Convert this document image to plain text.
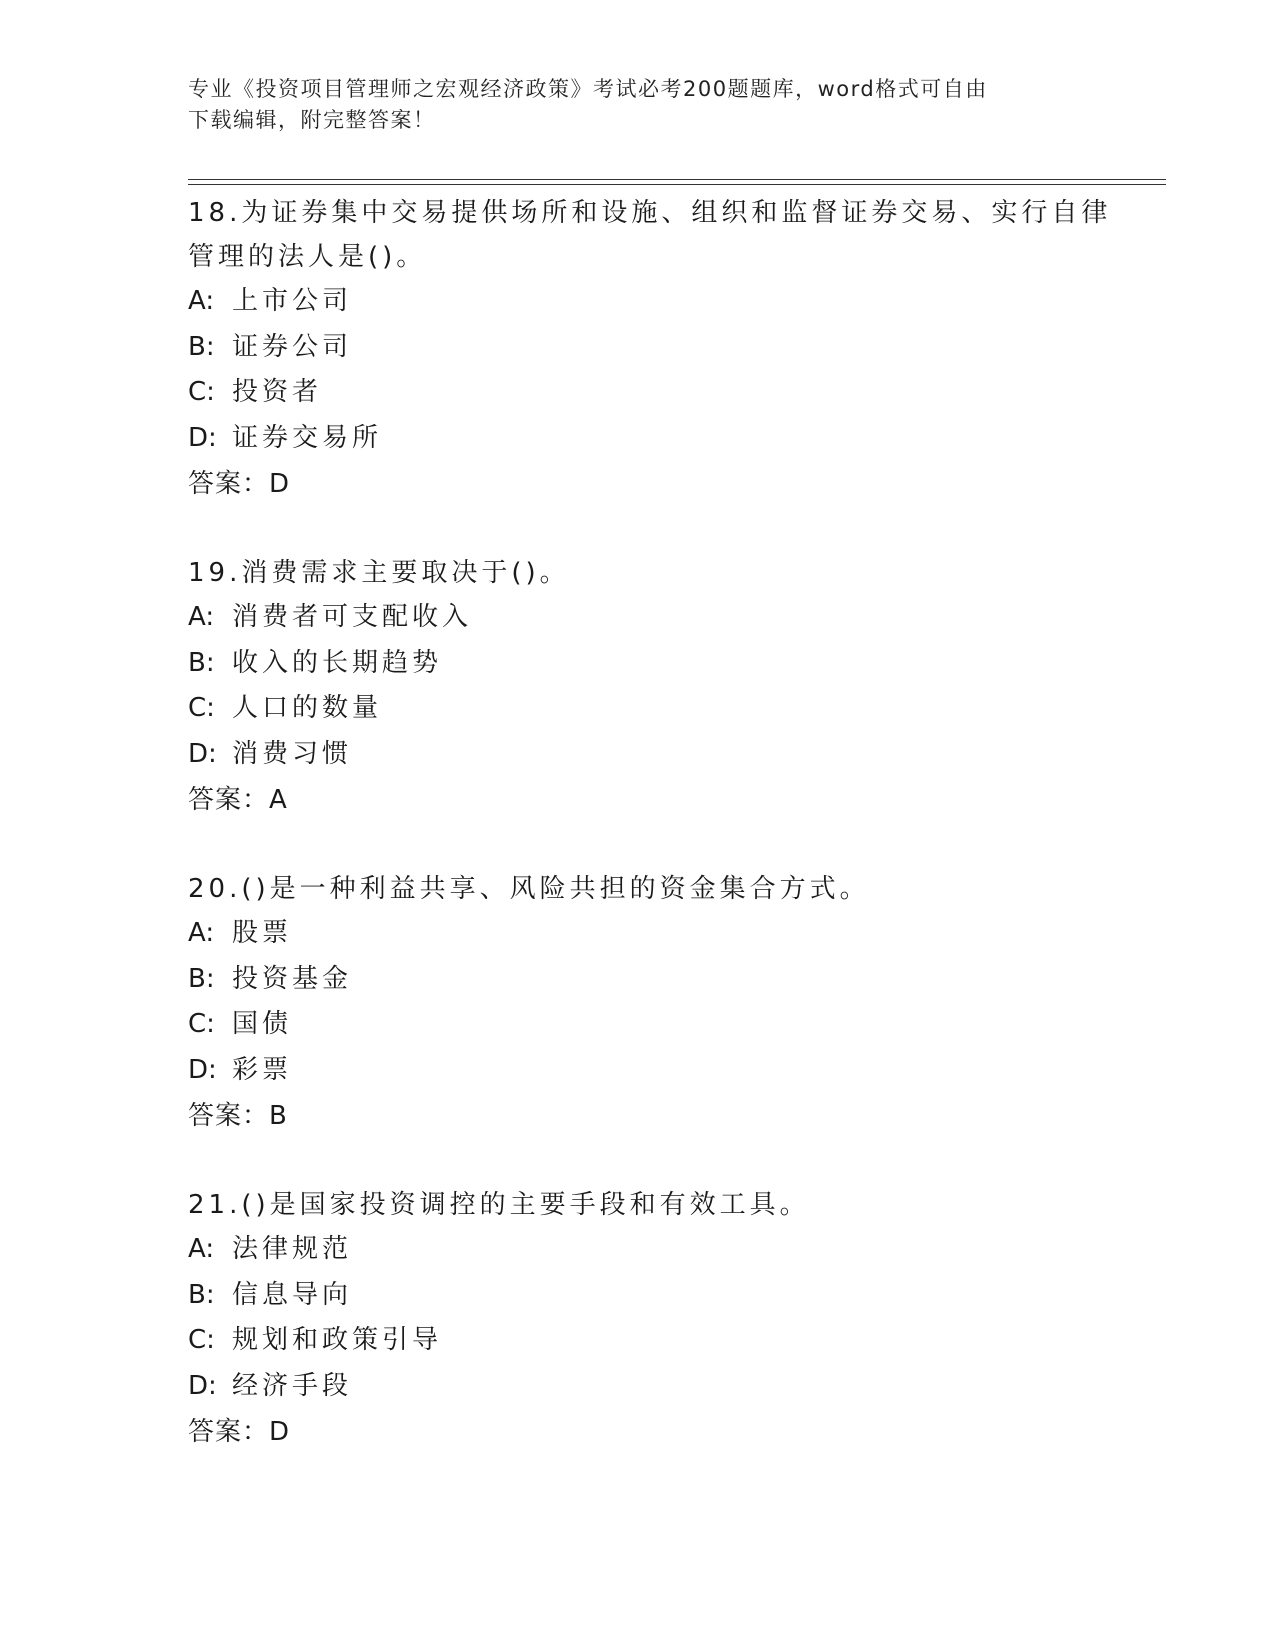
专业《投资项目管理师之宏观经济政策》考试必考200题题库，word格式可自由
下载编辑，附完整答案！

18.为证券集中交易提供场所和设施、组织和监督证券交易、实行自律

管理的法人是()。

A: 上市公司

B: 证券公司

C: 投资者

D: 证券交易所

答案：D

19.消费需求主要取决于()。

A: 消费者可支配收入

B: 收入的长期趋势

C: 人口的数量

D: 消费习惯

答案：A

20.()是一种利益共享、风险共担的资金集合方式。

A: 股票

B: 投资基金

C: 国债

D: 彩票

答案：B

21.()是国家投资调控的主要手段和有效工具。

A: 法律规范

B: 信息导向

C: 规划和政策引导

D: 经济手段

答案：D
